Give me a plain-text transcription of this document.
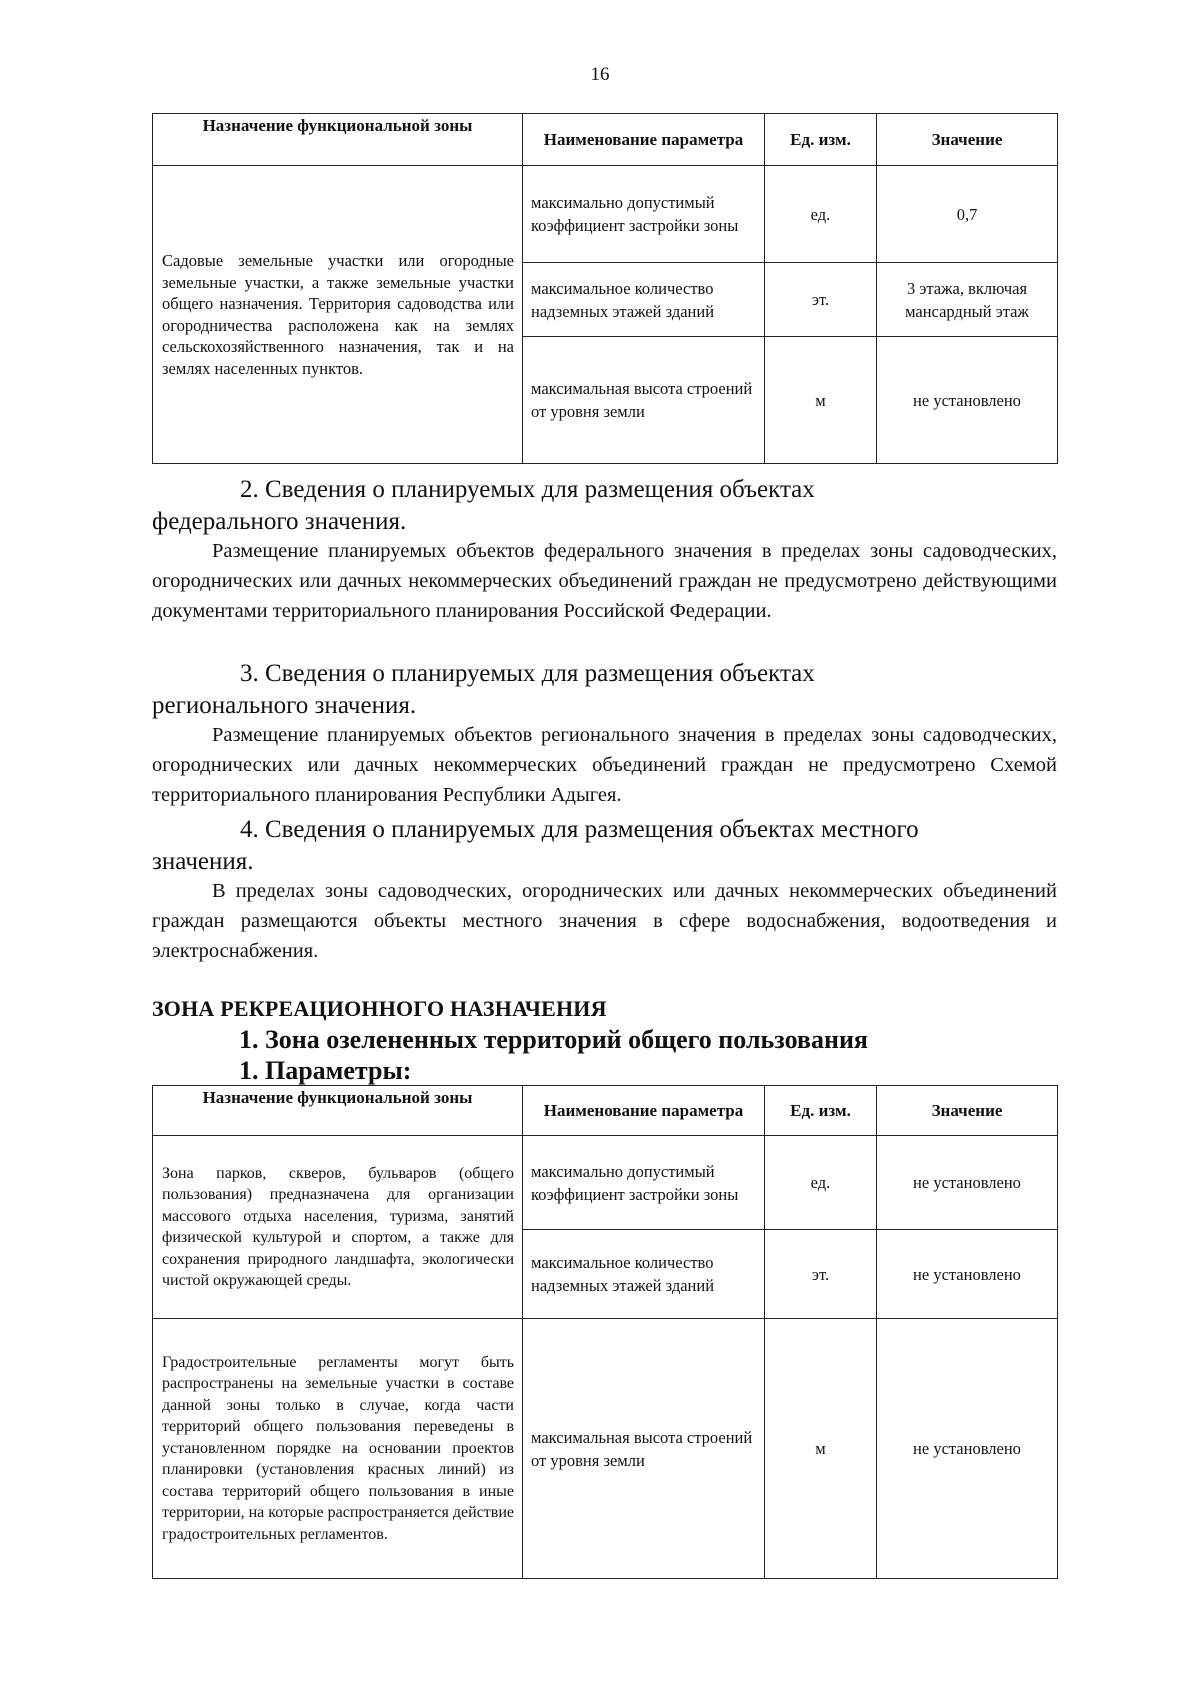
16
Назначение функциональной зоны	Наименование параметра	Ед. изм.	Значение
Садовые земельные участки или огородные земельные участки, а также земельные участки общего назначения. Территория садоводства или огородничества расположена как на землях сельскохозяйственного назначения, так и на землях населенных пунктов.	максимально допустимый коэффициент застройки зоны	ед.	0,7
	максимальное количество надземных этажей зданий	эт.	3 этажа, включая мансардный этаж
	максимальная высота строений от уровня земли	м	не установлено
2. Сведения о планируемых для размещения объектах
федерального значения.

Размещение планируемых объектов федерального значения в пределах зоны садоводческих, огороднических или дачных некоммерческих объединений граждан не предусмотрено действующими документами территориального планирования Российской Федерации.

3. Сведения о планируемых для размещения объектах
регионального значения.

Размещение планируемых объектов регионального значения в пределах зоны садоводческих, огороднических или дачных некоммерческих объединений граждан не предусмотрено Схемой территориального планирования Республики Адыгея.

4. Сведения о планируемых для размещения объектах местного
значения.

В пределах зоны садоводческих, огороднических или дачных некоммерческих объединений граждан размещаются объекты местного значения в сфере водоснабжения, водоотведения и электроснабжения.

ЗОНА РЕКРЕАЦИОННОГО НАЗНАЧЕНИЯ
1. Зона озелененных территорий общего пользования
1. Параметры:
Назначение функциональной зоны	Наименование параметра	Ед. изм.	Значение
Зона парков, скверов, бульваров (общего пользования) предназначена для организации массового отдыха населения, туризма, занятий физической культурой и спортом, а также для сохранения природного ландшафта, экологически чистой окружающей среды.	максимально допустимый коэффициент застройки зоны	ед.	не установлено
	максимальное количество надземных этажей зданий	эт.	не установлено
Градостроительные регламенты могут быть распространены на земельные участки в составе данной зоны только в случае, когда части территорий общего пользования переведены в установленном порядке на основании проектов планировки (установления красных линий) из состава территорий общего пользования в иные территории, на которые распространяется действие градостроительных регламентов.	максимальная высота строений от уровня земли	м	не установлено
